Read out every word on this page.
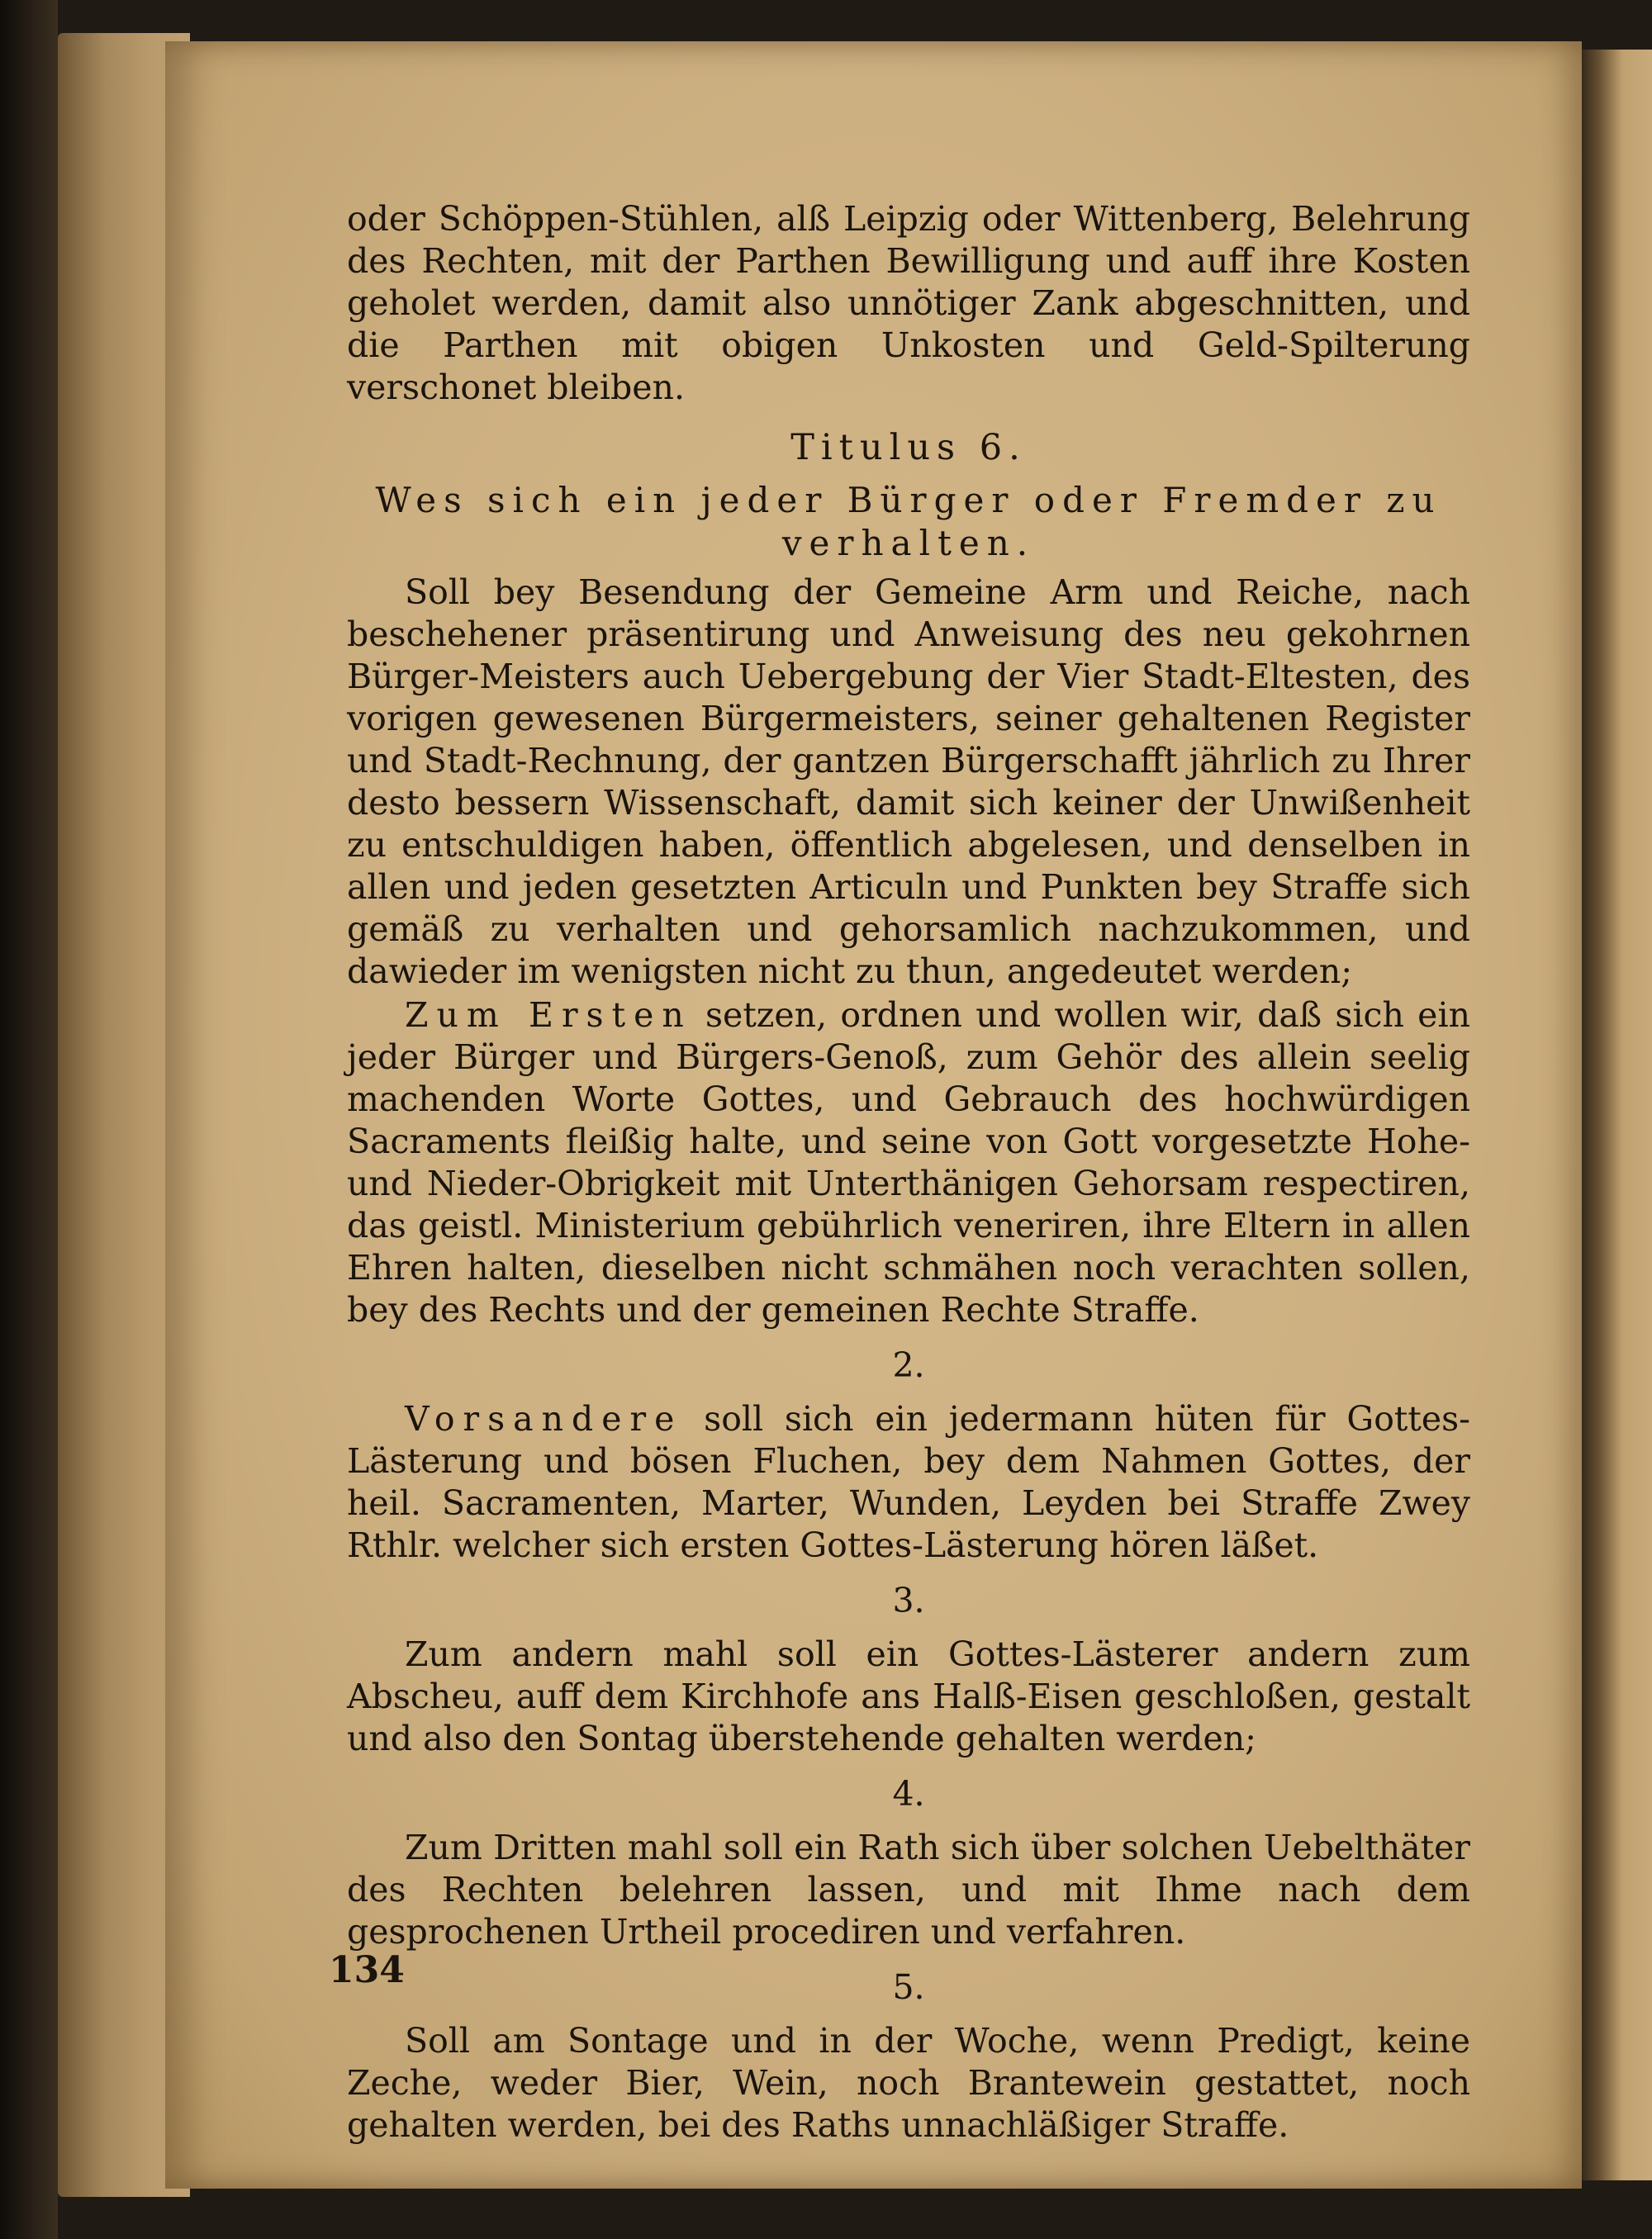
oder Schöppen-Stühlen, alß Leipzig oder Wittenberg, Belehrung des Rechten, mit der Parthen Bewilligung und auff ihre Kosten geholet werden, damit also unnötiger Zank abgeschnitten, und die Parthen mit obigen Unkosten und Geld-Spilterung verschonet bleiben.

Titulus 6.

Wes sich ein jeder Bürger oder Fremder zu verhalten.

Soll bey Besendung der Gemeine Arm und Reiche, nach beschehener präsentirung und Anweisung des neu gekohrnen Bürger-Meisters auch Uebergebung der Vier Stadt-Eltesten, des vorigen gewesenen Bürgermeisters, seiner gehaltenen Register und Stadt-Rechnung, der gantzen Bürgerschafft jährlich zu Ihrer desto bessern Wissenschaft, damit sich keiner der Unwißenheit zu entschuldigen haben, öffentlich abgelesen, und denselben in allen und jeden gesetzten Articuln und Punkten bey Straffe sich gemäß zu verhalten und gehorsamlich nachzukommen, und dawieder im wenigsten nicht zu thun, angedeutet werden;

Zum Ersten setzen, ordnen und wollen wir, daß sich ein jeder Bürger und Bürgers-Genoß, zum Gehör des allein seelig machenden Worte Gottes, und Gebrauch des hochwürdigen Sacraments fleißig halte, und seine von Gott vorgesetzte Hohe- und Nieder-Obrigkeit mit Unterthänigen Gehorsam respectiren, das geistl. Ministerium gebührlich veneriren, ihre Eltern in allen Ehren halten, dieselben nicht schmähen noch verachten sollen, bey des Rechts und der gemeinen Rechte Straffe.

2.

Vorsandere soll sich ein jedermann hüten für Gottes-Lästerung und bösen Fluchen, bey dem Nahmen Gottes, der heil. Sacramenten, Marter, Wunden, Leyden bei Straffe Zwey Rthlr. welcher sich ersten Gottes-Lästerung hören läßet.

3.

Zum andern mahl soll ein Gottes-Lästerer andern zum Abscheu, auff dem Kirchhofe ans Halß-Eisen geschloßen, gestalt und also den Sontag überstehende gehalten werden;

4.

Zum Dritten mahl soll ein Rath sich über solchen Uebelthäter des Rechten belehren lassen, und mit Ihme nach dem gesprochenen Urtheil procediren und verfahren.

5.

Soll am Sontage und in der Woche, wenn Predigt, keine Zeche, weder Bier, Wein, noch Brantewein gestattet, noch gehalten werden, bei des Raths unnachläßiger Straffe.

134
